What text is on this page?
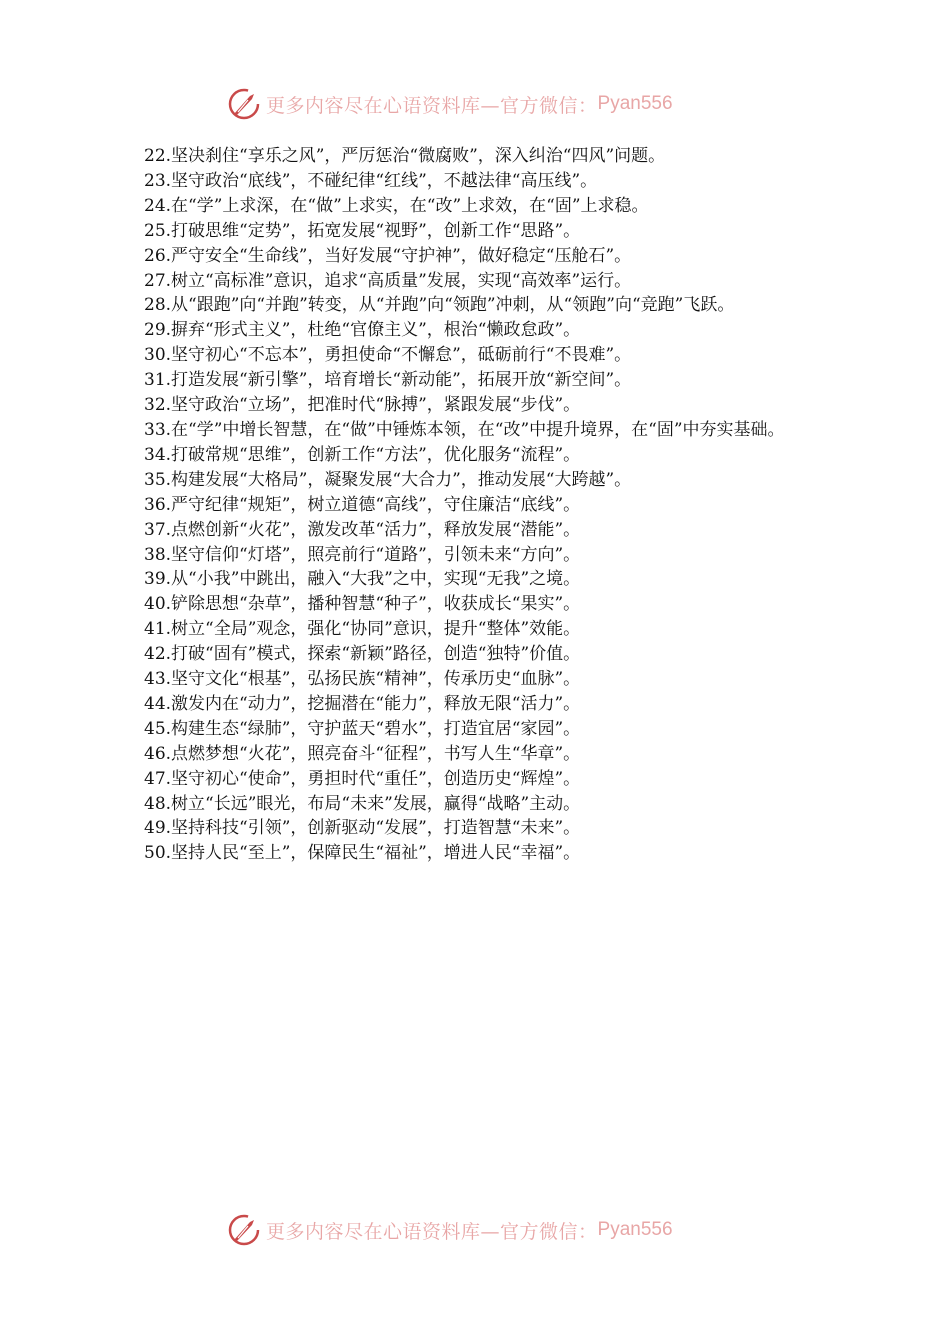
更多内容尽在心语资料库—官方微信： Pyan556
22.坚决刹住“享乐之风”，严厉惩治“微腐败”，深入纠治“四风”问题。
23.坚守政治“底线”，不碰纪律“红线”，不越法律“高压线”。
24.在“学”上求深，在“做”上求实，在“改”上求效，在“固”上求稳。
25.打破思维“定势”，拓宽发展“视野”，创新工作“思路”。
26.严守安全“生命线”，当好发展“守护神”，做好稳定“压舱石”。
27.树立“高标准”意识，追求“高质量”发展，实现“高效率”运行。
28.从“跟跑”向“并跑”转变，从“并跑”向“领跑”冲刺，从“领跑”向“竞跑”飞跃。
29.摒弃“形式主义”，杜绝“官僚主义”，根治“懒政怠政”。
30.坚守初心“不忘本”，勇担使命“不懈怠”，砥砺前行“不畏难”。
31.打造发展“新引擎”，培育增长“新动能”，拓展开放“新空间”。
32.坚守政治“立场”，把准时代“脉搏”，紧跟发展“步伐”。
33.在“学”中增长智慧，在“做”中锤炼本领，在“改”中提升境界，在“固”中夯实基础。
34.打破常规“思维”，创新工作“方法”，优化服务“流程”。
35.构建发展“大格局”，凝聚发展“大合力”，推动发展“大跨越”。
36.严守纪律“规矩”，树立道德“高线”，守住廉洁“底线”。
37.点燃创新“火花”，激发改革“活力”，释放发展“潜能”。
38.坚守信仰“灯塔”，照亮前行“道路”，引领未来“方向”。
39.从“小我”中跳出，融入“大我”之中，实现“无我”之境。
40.铲除思想“杂草”，播种智慧“种子”，收获成长“果实”。
41.树立“全局”观念，强化“协同”意识，提升“整体”效能。
42.打破“固有”模式，探索“新颖”路径，创造“独特”价值。
43.坚守文化“根基”，弘扬民族“精神”，传承历史“血脉”。
44.激发内在“动力”，挖掘潜在“能力”，释放无限“活力”。
45.构建生态“绿肺”，守护蓝天“碧水”，打造宜居“家园”。
46.点燃梦想“火花”，照亮奋斗“征程”，书写人生“华章”。
47.坚守初心“使命”，勇担时代“重任”，创造历史“辉煌”。
48.树立“长远”眼光，布局“未来”发展，赢得“战略”主动。
49.坚持科技“引领”，创新驱动“发展”，打造智慧“未来”。
50.坚持人民“至上”，保障民生“福祉”，增进人民“幸福”。
更多内容尽在心语资料库—官方微信： Pyan556
